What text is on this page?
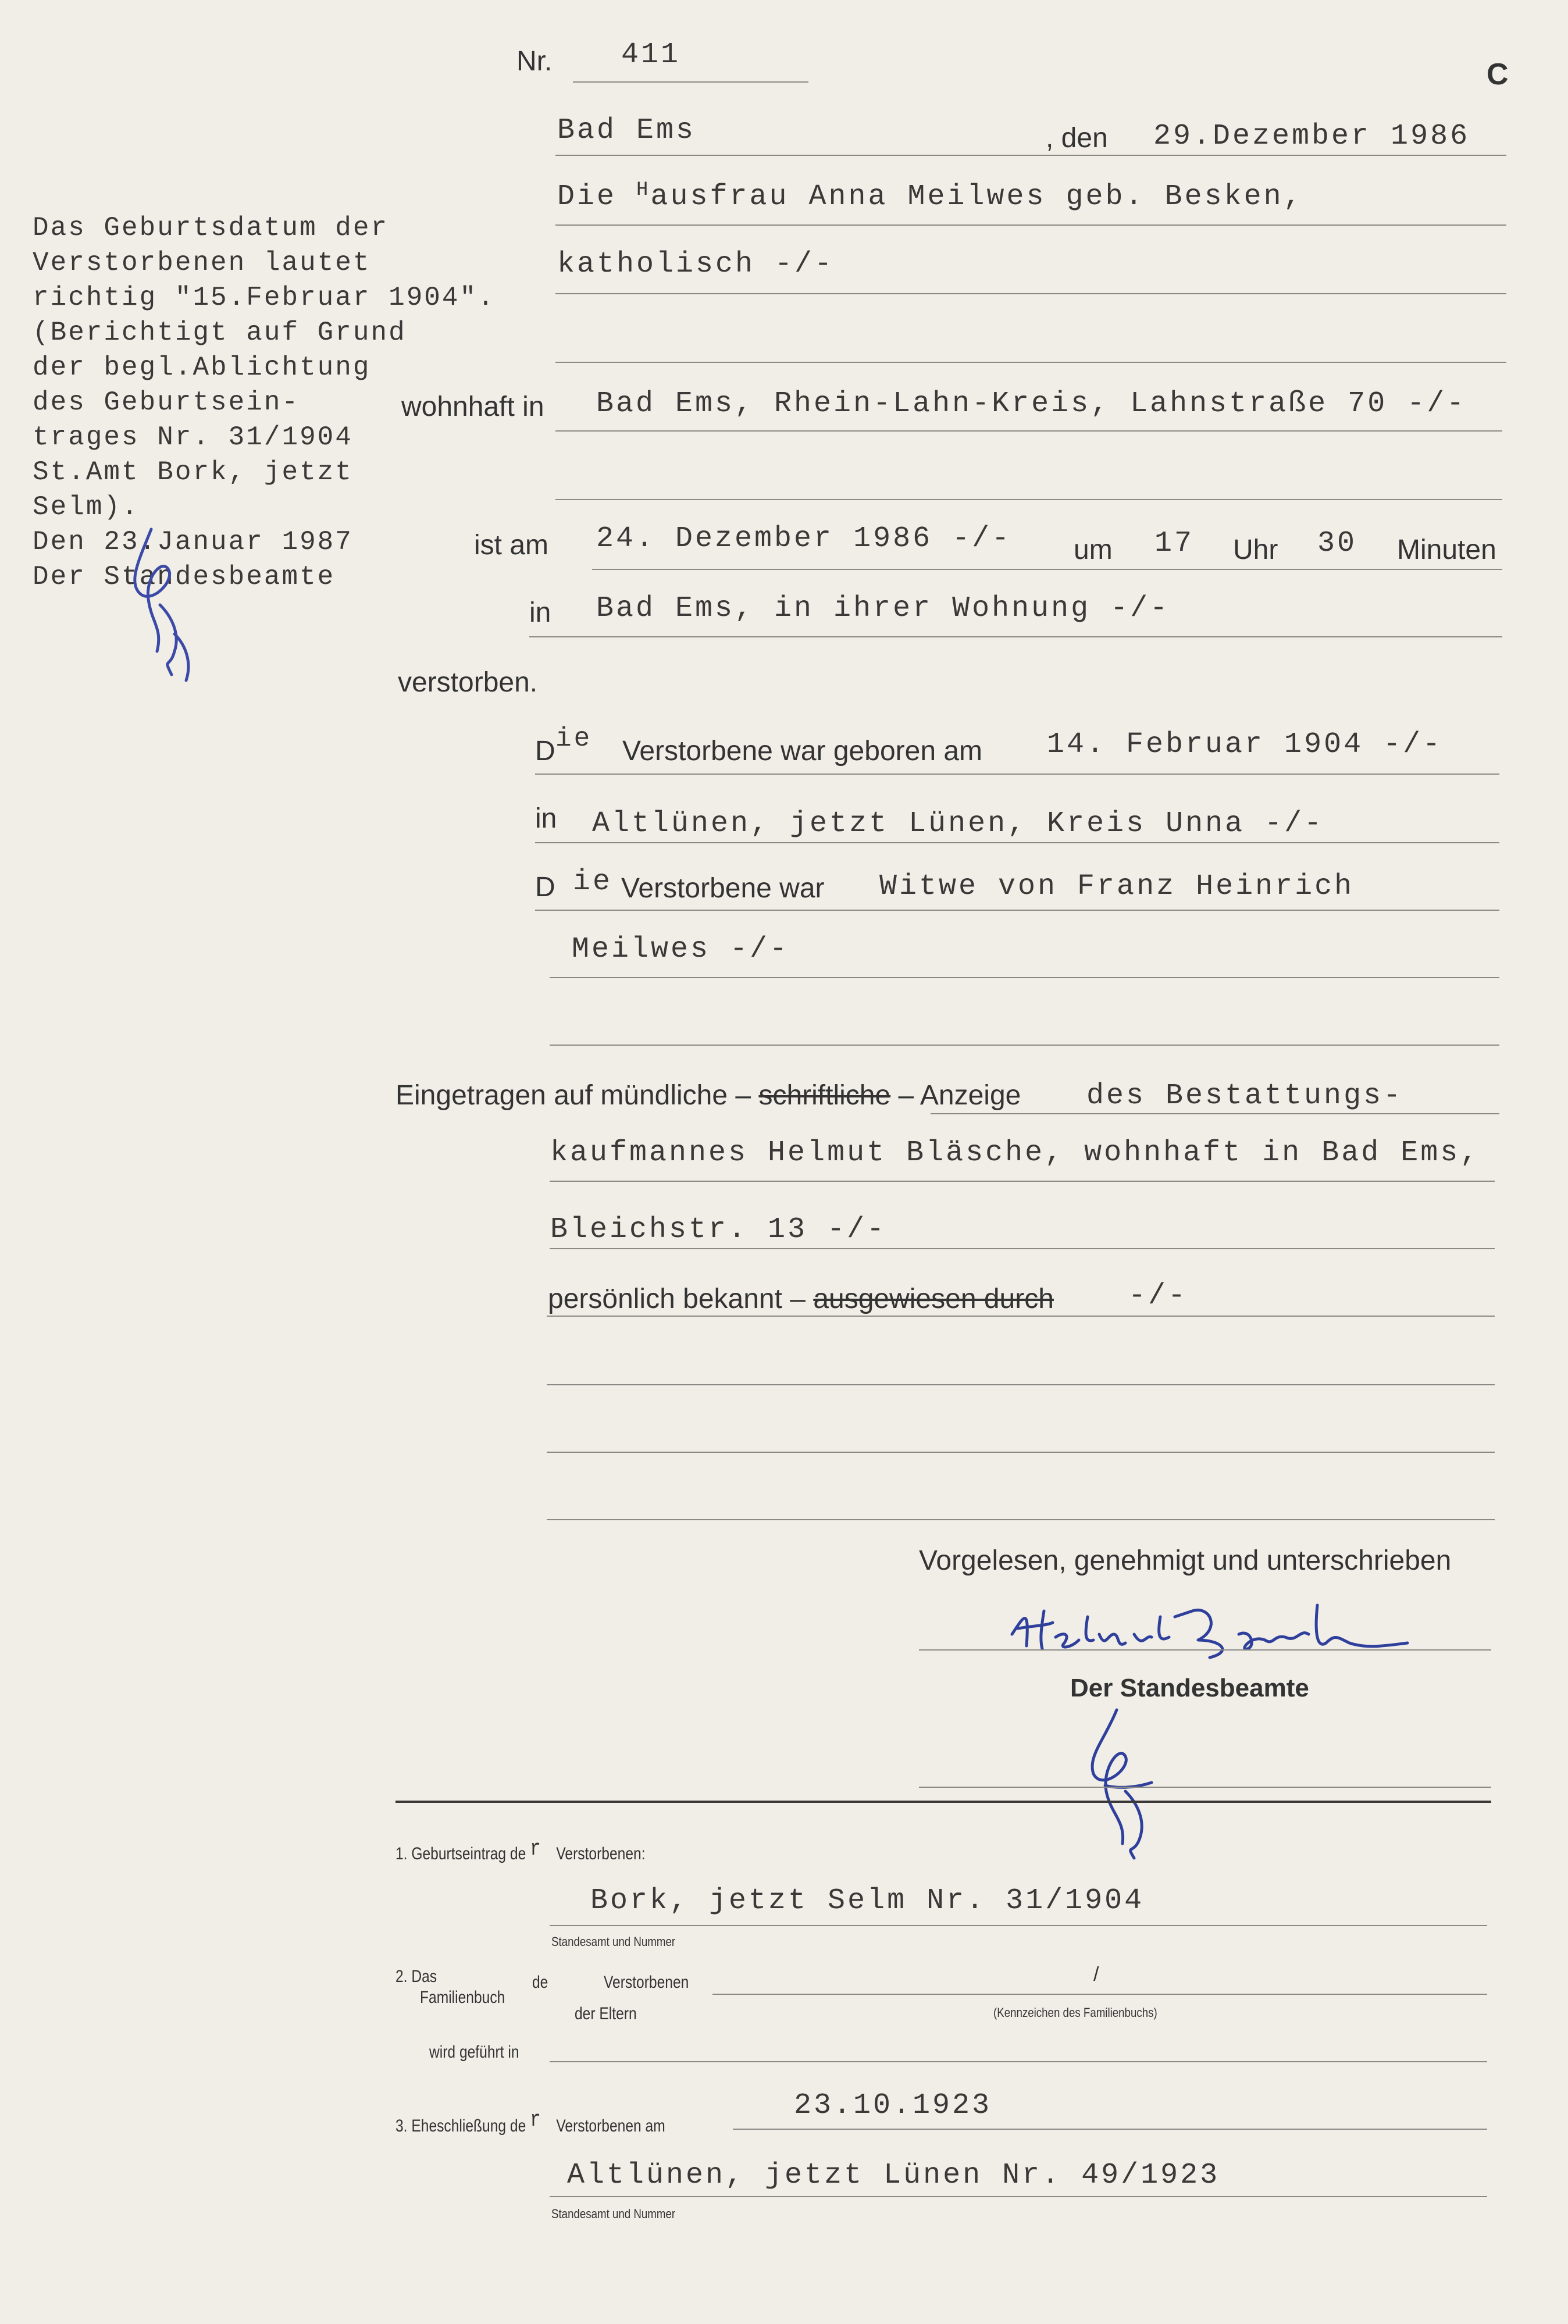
Nr. 411
C
Das Geburtsdatum der
Verstorbenen lautet
richtig "15.Februar 1904".
(Berichtigt auf Grund
der begl.Ablichtung
des Geburtsein-
trages Nr. 31/1904
St.Amt Bork, jetzt
Selm).
Den 23.Januar 1987
Der Standesbeamte
Bad Ems	, den 29.Dezember 1986
Die $^H$ausfrau Anna Meilwes geb. Besken,
katholisch -/-
wohnhaft in Bad Ems, Rhein-Lahn-Kreis, Lahnstraße 70 -/-
ist am 24. Dezember 1986 -/- um 17 Uhr 30 Minuten
in Bad Ems, in ihrer Wohnung -/-
verstorben.
D ie Verstorbene war geboren am 14. Februar 1904 -/-
in Altlünen, jetzt Lünen, Kreis Unna -/-
D ie Verstorbene war Witwe von Franz Heinrich
Meilwes -/-
Eingetragen auf mündliche – schriftliche – Anzeige des Bestattungs-
kaufmannes Helmut Bläsche, wohnhaft in Bad Ems,
Bleichstr. 13 -/-
persönlich bekannt – ausgewiesen durch	-/-
Vorgelesen, genehmigt und unterschrieben
Der Standesbeamte
1. Geburtseintrag de r Verstorbenen:
Bork, jetzt Selm Nr. 31/1904
Standesamt und Nummer
2. Das
Familienbuch
de	Verstorbenen
der Eltern
/
(Kennzeichen des Familienbuchs)
wird geführt in
3. Eheschließung de r Verstorbenen am
23.10.1923
Altlünen, jetzt Lünen Nr. 49/1923
Standesamt und Nummer
